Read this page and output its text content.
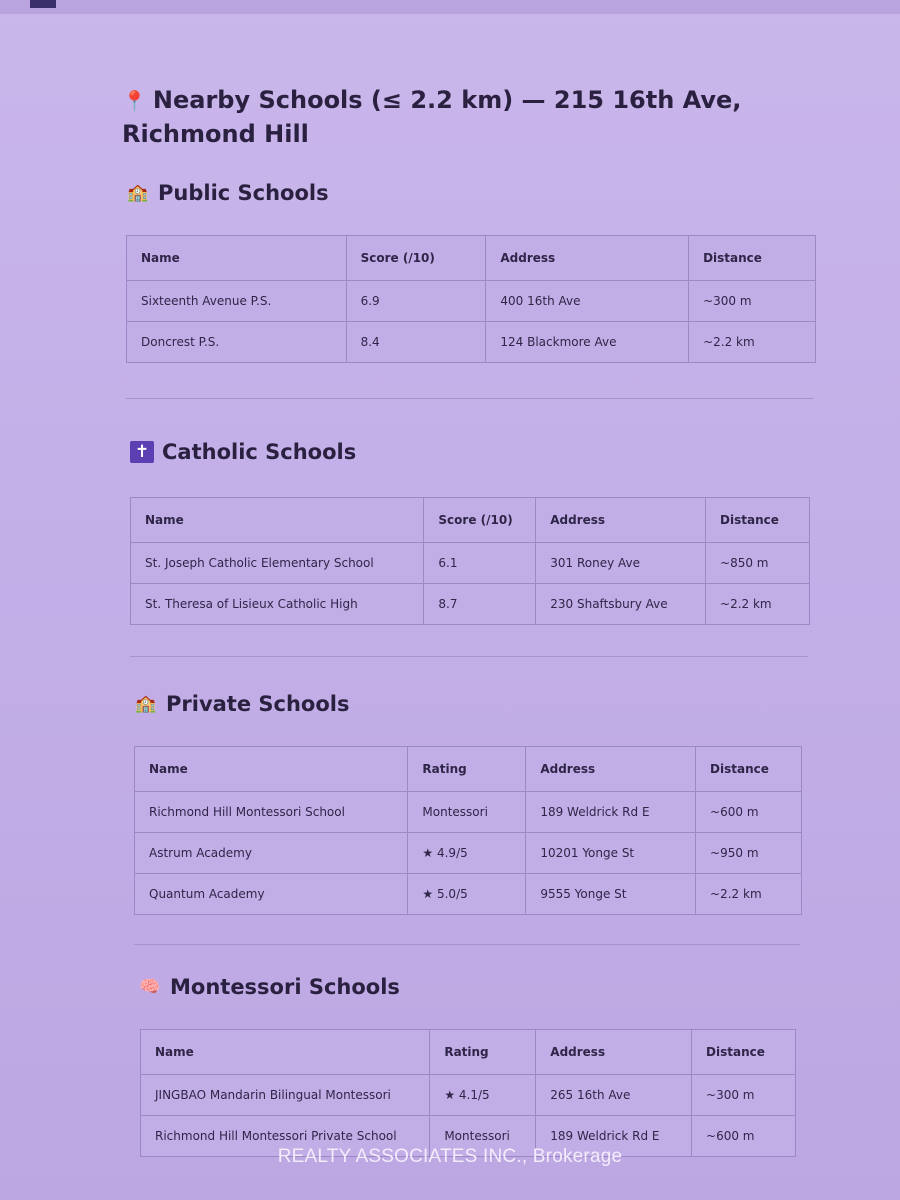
📍 Nearby Schools (≤ 2.2 km) — 215 16th Ave, Richmond Hill
🏫 Public Schools
Name	Score (/10)	Address	Distance
Sixteenth Avenue P.S.	6.9	400 16th Ave	~300 m
Doncrest P.S.	8.4	124 Blackmore Ave	~2.2 km
✝ Catholic Schools
Name	Score (/10)	Address	Distance
St. Joseph Catholic Elementary School	6.1	301 Roney Ave	~850 m
St. Theresa of Lisieux Catholic High	8.7	230 Shaftsbury Ave	~2.2 km
🏫 Private Schools
Name	Rating	Address	Distance
Richmond Hill Montessori School	Montessori	189 Weldrick Rd E	~600 m
Astrum Academy	★ 4.9/5	10201 Yonge St	~950 m
Quantum Academy	★ 5.0/5	9555 Yonge St	~2.2 km
🧠 Montessori Schools
Name	Rating	Address	Distance
JINGBAO Mandarin Bilingual Montessori	★ 4.1/5	265 16th Ave	~300 m
Richmond Hill Montessori Private School	Montessori	189 Weldrick Rd E	~600 m
REALTY ASSOCIATES INC., Brokerage
